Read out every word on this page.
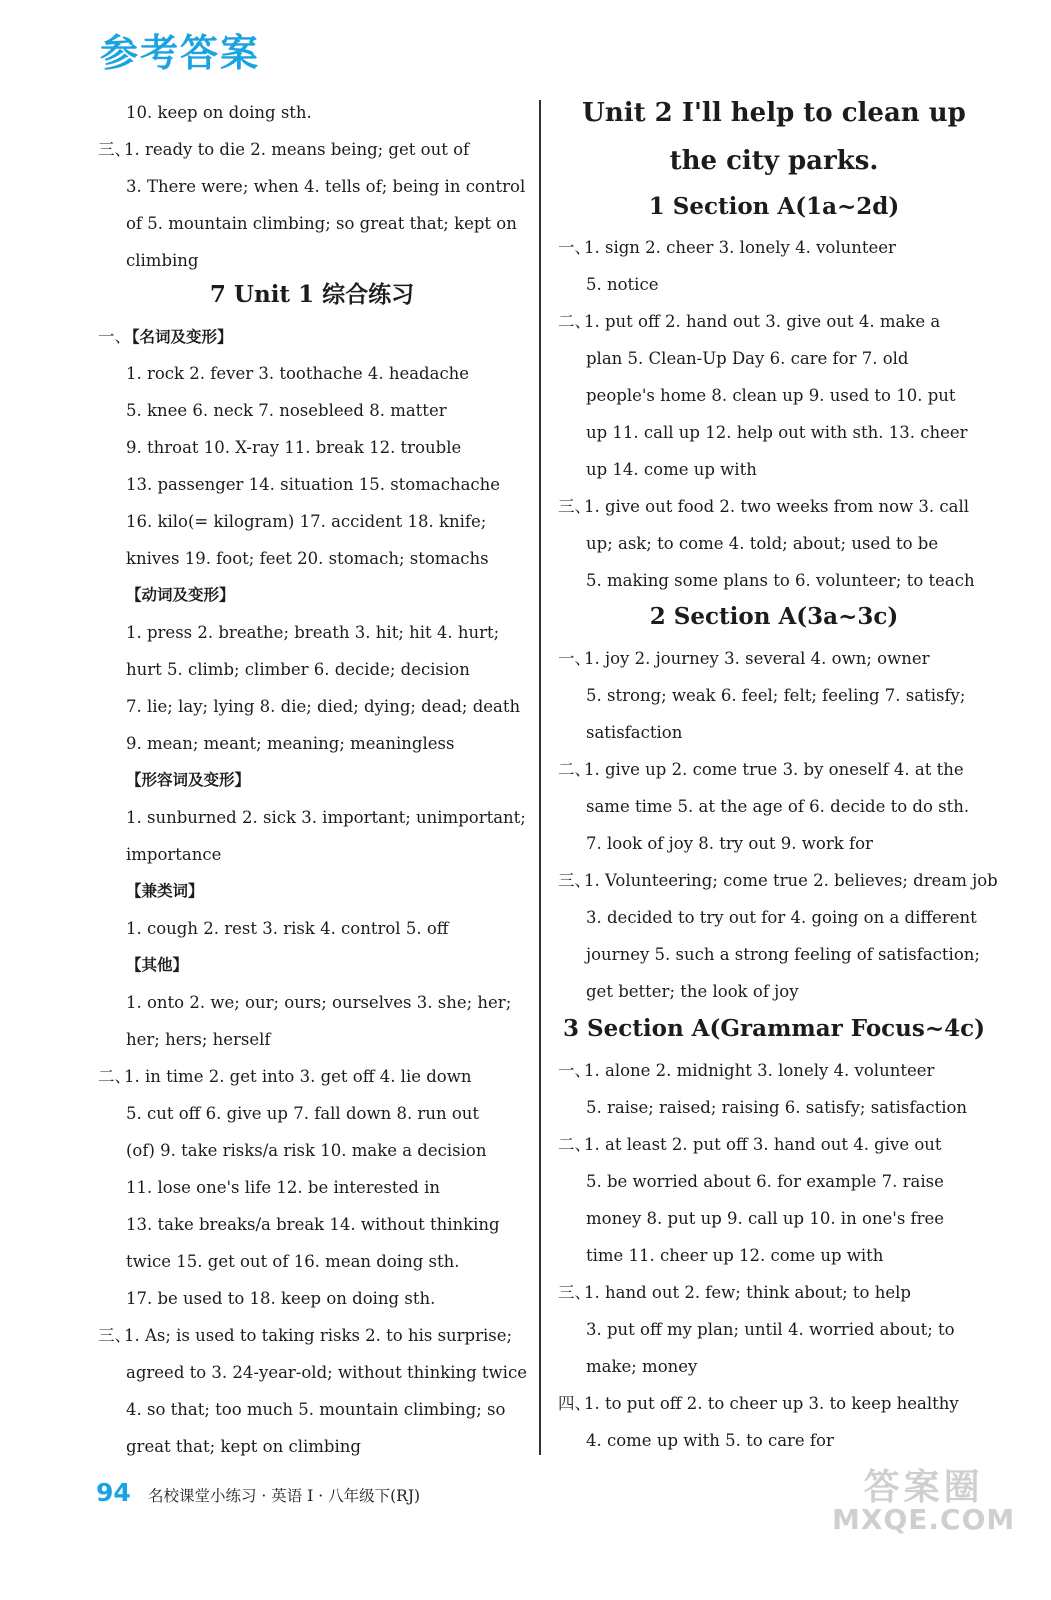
参考答案
10. keep on doing sth.
三、1. ready to die 2. means being; get out of
3. There were; when 4. tells of; being in control
of 5. mountain climbing; so great that; kept on
climbing
7 Unit 1 综合练习
一、【名词及变形】
1. rock 2. fever 3. toothache 4. headache
5. knee 6. neck 7. nosebleed 8. matter
9. throat 10. X-ray 11. break 12. trouble
13. passenger 14. situation 15. stomachache
16. kilo(= kilogram) 17. accident 18. knife;
knives 19. foot; feet 20. stomach; stomachs
【动词及变形】
1. press 2. breathe; breath 3. hit; hit 4. hurt;
hurt 5. climb; climber 6. decide; decision
7. lie; lay; lying 8. die; died; dying; dead; death
9. mean; meant; meaning; meaningless
【形容词及变形】
1. sunburned 2. sick 3. important; unimportant;
importance
【兼类词】
1. cough 2. rest 3. risk 4. control 5. off
【其他】
1. onto 2. we; our; ours; ourselves 3. she; her;
her; hers; herself
二、1. in time 2. get into 3. get off 4. lie down
5. cut off 6. give up 7. fall down 8. run out
(of) 9. take risks/a risk 10. make a decision
11. lose one's life 12. be interested in
13. take breaks/a break 14. without thinking
twice 15. get out of 16. mean doing sth.
17. be used to 18. keep on doing sth.
三、1. As; is used to taking risks 2. to his surprise;
agreed to 3. 24-year-old; without thinking twice
4. so that; too much 5. mountain climbing; so
great that; kept on climbing
Unit 2 I'll help to clean up
the city parks.
1 Section A(1a~2d)
一、1. sign 2. cheer 3. lonely 4. volunteer
5. notice
二、1. put off 2. hand out 3. give out 4. make a
plan 5. Clean-Up Day 6. care for 7. old
people's home 8. clean up 9. used to 10. put
up 11. call up 12. help out with sth. 13. cheer
up 14. come up with
三、1. give out food 2. two weeks from now 3. call
up; ask; to come 4. told; about; used to be
5. making some plans to 6. volunteer; to teach
2 Section A(3a~3c)
一、1. joy 2. journey 3. several 4. own; owner
5. strong; weak 6. feel; felt; feeling 7. satisfy;
satisfaction
二、1. give up 2. come true 3. by oneself 4. at the
same time 5. at the age of 6. decide to do sth.
7. look of joy 8. try out 9. work for
三、1. Volunteering; come true 2. believes; dream job
3. decided to try out for 4. going on a different
journey 5. such a strong feeling of satisfaction;
get better; the look of joy
3 Section A(Grammar Focus~4c)
一、1. alone 2. midnight 3. lonely 4. volunteer
5. raise; raised; raising 6. satisfy; satisfaction
二、1. at least 2. put off 3. hand out 4. give out
5. be worried about 6. for example 7. raise
money 8. put up 9. call up 10. in one's free
time 11. cheer up 12. come up with
三、1. hand out 2. few; think about; to help
3. put off my plan; until 4. worried about; to
make; money
四、1. to put off 2. to cheer up 3. to keep healthy
4. come up with 5. to care for
94 名校课堂小练习 · 英语 I · 八年级下(RJ)	答案圈
MXQE.COM
